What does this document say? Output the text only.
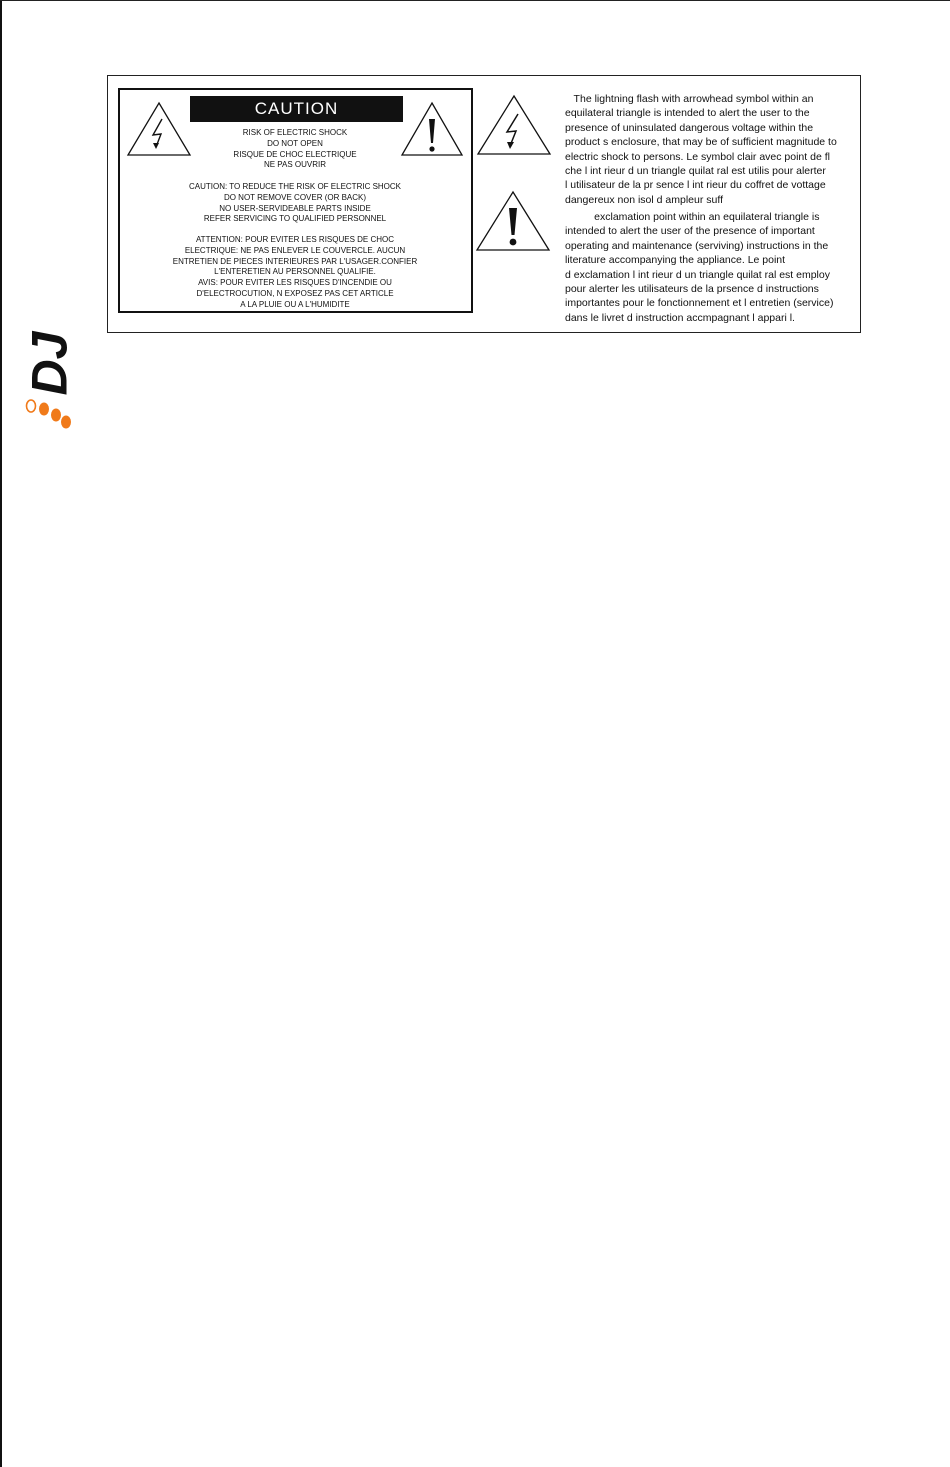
DJ
CAUTION
RISK OF ELECTRIC SHOCK
DO NOT OPEN
RISQUE DE CHOC ELECTRIQUE
NE PAS OUVRIR
CAUTION: TO REDUCE THE RISK OF ELECTRIC SHOCK
DO NOT REMOVE COVER (OR BACK)
NO USER-SERVIDEABLE PARTS INSIDE
REFER SERVICING TO QUALIFIED PERSONNEL
ATTENTION: POUR EVITER LES RISQUES DE CHOC
ELECTRIQUE: NE PAS ENLEVER LE COUVERCLE. AUCUN
ENTRETIEN DE PIECES INTERIEURES PAR L'USAGER.CONFIER
L'ENTERETIEN AU PERSONNEL QUALIFIE.
AVIS: POUR EVITER LES RISQUES D'INCENDIE OU
D'ELECTROCUTION, N EXPOSEZ PAS CET ARTICLE
A LA PLUIE OU A L'HUMIDITE
The lightning flash with arrowhead symbol within an
equilateral triangle is intended to alert the user to the
presence of uninsulated dangerous voltage within the
product s enclosure, that may be of sufficient magnitude to
electric shock to persons. Le symbol clair avec point de fl
che l int rieur d un triangle quilat ral est utilis pour alerter
l utilisateur de la pr sence l int rieur du coffret de vottage
dangereux non isol d ampleur suff
exclamation point within an equilateral triangle is
intended to alert the user of the presence of important
operating and maintenance (serviving) instructions in the
literature accompanying the appliance. Le point
d exclamation l int rieur d un triangle quilat ral est employ
pour alerter les utilisateurs de la prsence d instructions
importantes pour le fonctionnement et l entretien (service)
dans le livret d instruction accmpagnant l appari l.
